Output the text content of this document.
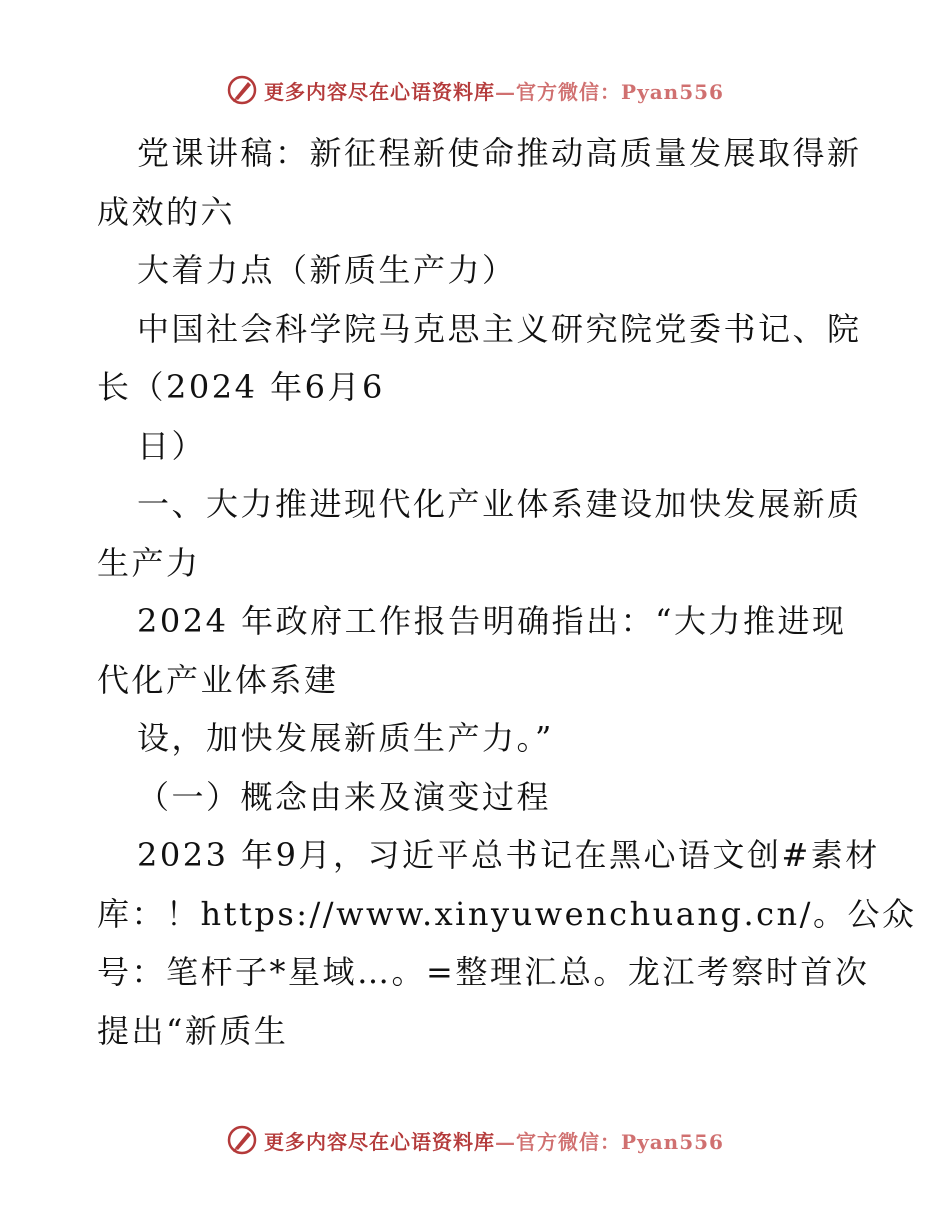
更多内容尽在心语资料库—官方微信：Pyan556

党课讲稿：新征程新使命推动高质量发展取得新
成效的六
大着力点（新质生产力）
中国社会科学院马克思主义研究院党委书记、院
长（2024 年6月6
日）
一、大力推进现代化产业体系建设加快发展新质
生产力
2024 年政府工作报告明确指出：“大力推进现
代化产业体系建
设，加快发展新质生产力。”
（一）概念由来及演变过程
2023 年9月，习近平总书记在黑心语文创#素材
库：！https://www.xinyuwenchuang.cn/。公众
号：笔杆子*星域…。=整理汇总。龙江考察时首次
提出“新质生

更多内容尽在心语资料库—官方微信：Pyan556
